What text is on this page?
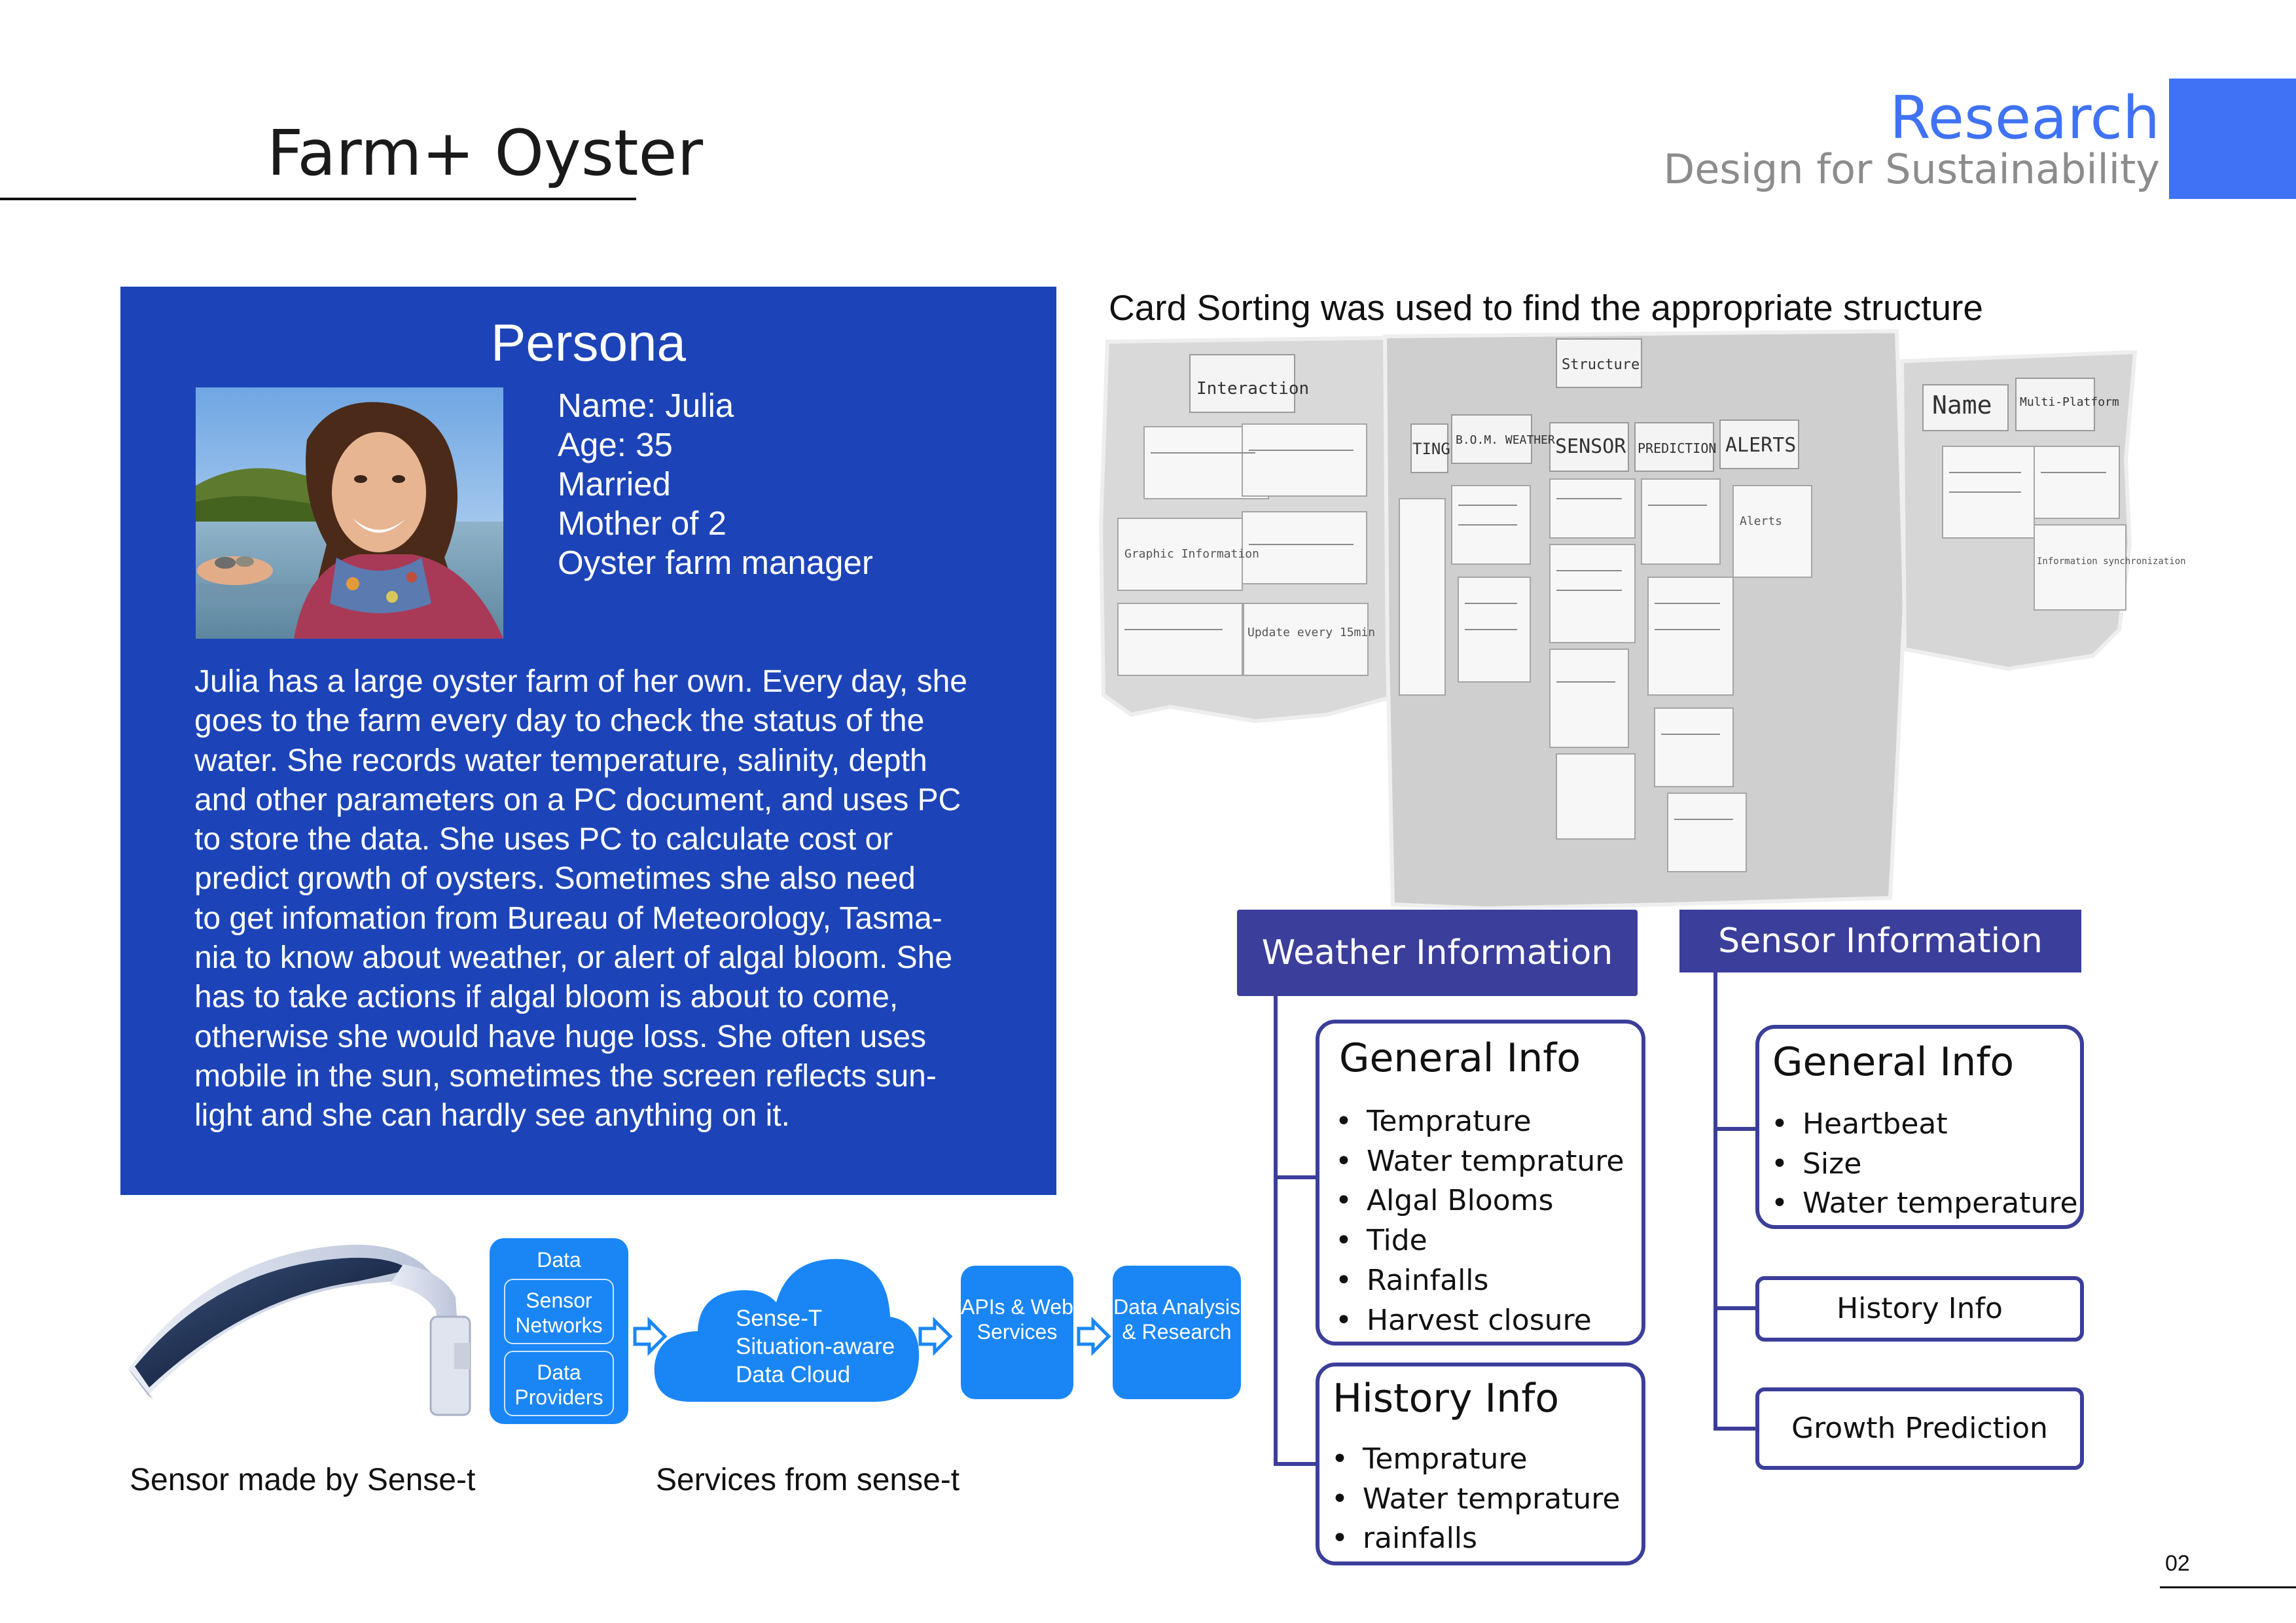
Farm+ Oyster	Research
Design for Sustainability
Persona
Name: Julia
Age: 35
Married
Mother of 2
Oyster farm manager
Julia has a large oyster farm of her own. Every day, she
goes to the farm every day to check the status of the
water. She records water temperature, salinity, depth
and other parameters on a PC document, and uses PC
to store the data. She uses PC to calculate cost or
predict growth of oysters. Sometimes she also need
to get infomation from Bureau of Meteorology, Tasma-
nia to know about weather, or alert of algal bloom. She
has to take actions if algal bloom is about to come,
otherwise she would have huge loss. She often uses
mobile in the sun, sometimes the screen reflects sun-
light and she can hardly see anything on it.
Card Sorting was used to find the appropriate structure
Interaction
Structure
B.O.M. WEATHER SENSOR PREDICTION ALERTS
Name Multi-Platform
TING
Graphic Information
Update every 15min
Alerts
Information synchronization
Sensor made by Sense-t
Data
Sensor Networks
Data Providers
Sense-T
Situation-aware
Data Cloud
APIs & Web Services
Data Analysis & Research
Services from sense-t
Weather Information
General Info
• Temprature
• Water temprature
• Algal Blooms
• Tide
• Rainfalls
• Harvest closure
History Info
• Temprature
• Water temprature
• rainfalls
Sensor Information
General Info
• Heartbeat
• Size
• Water temperature
History Info
Growth Prediction
02
